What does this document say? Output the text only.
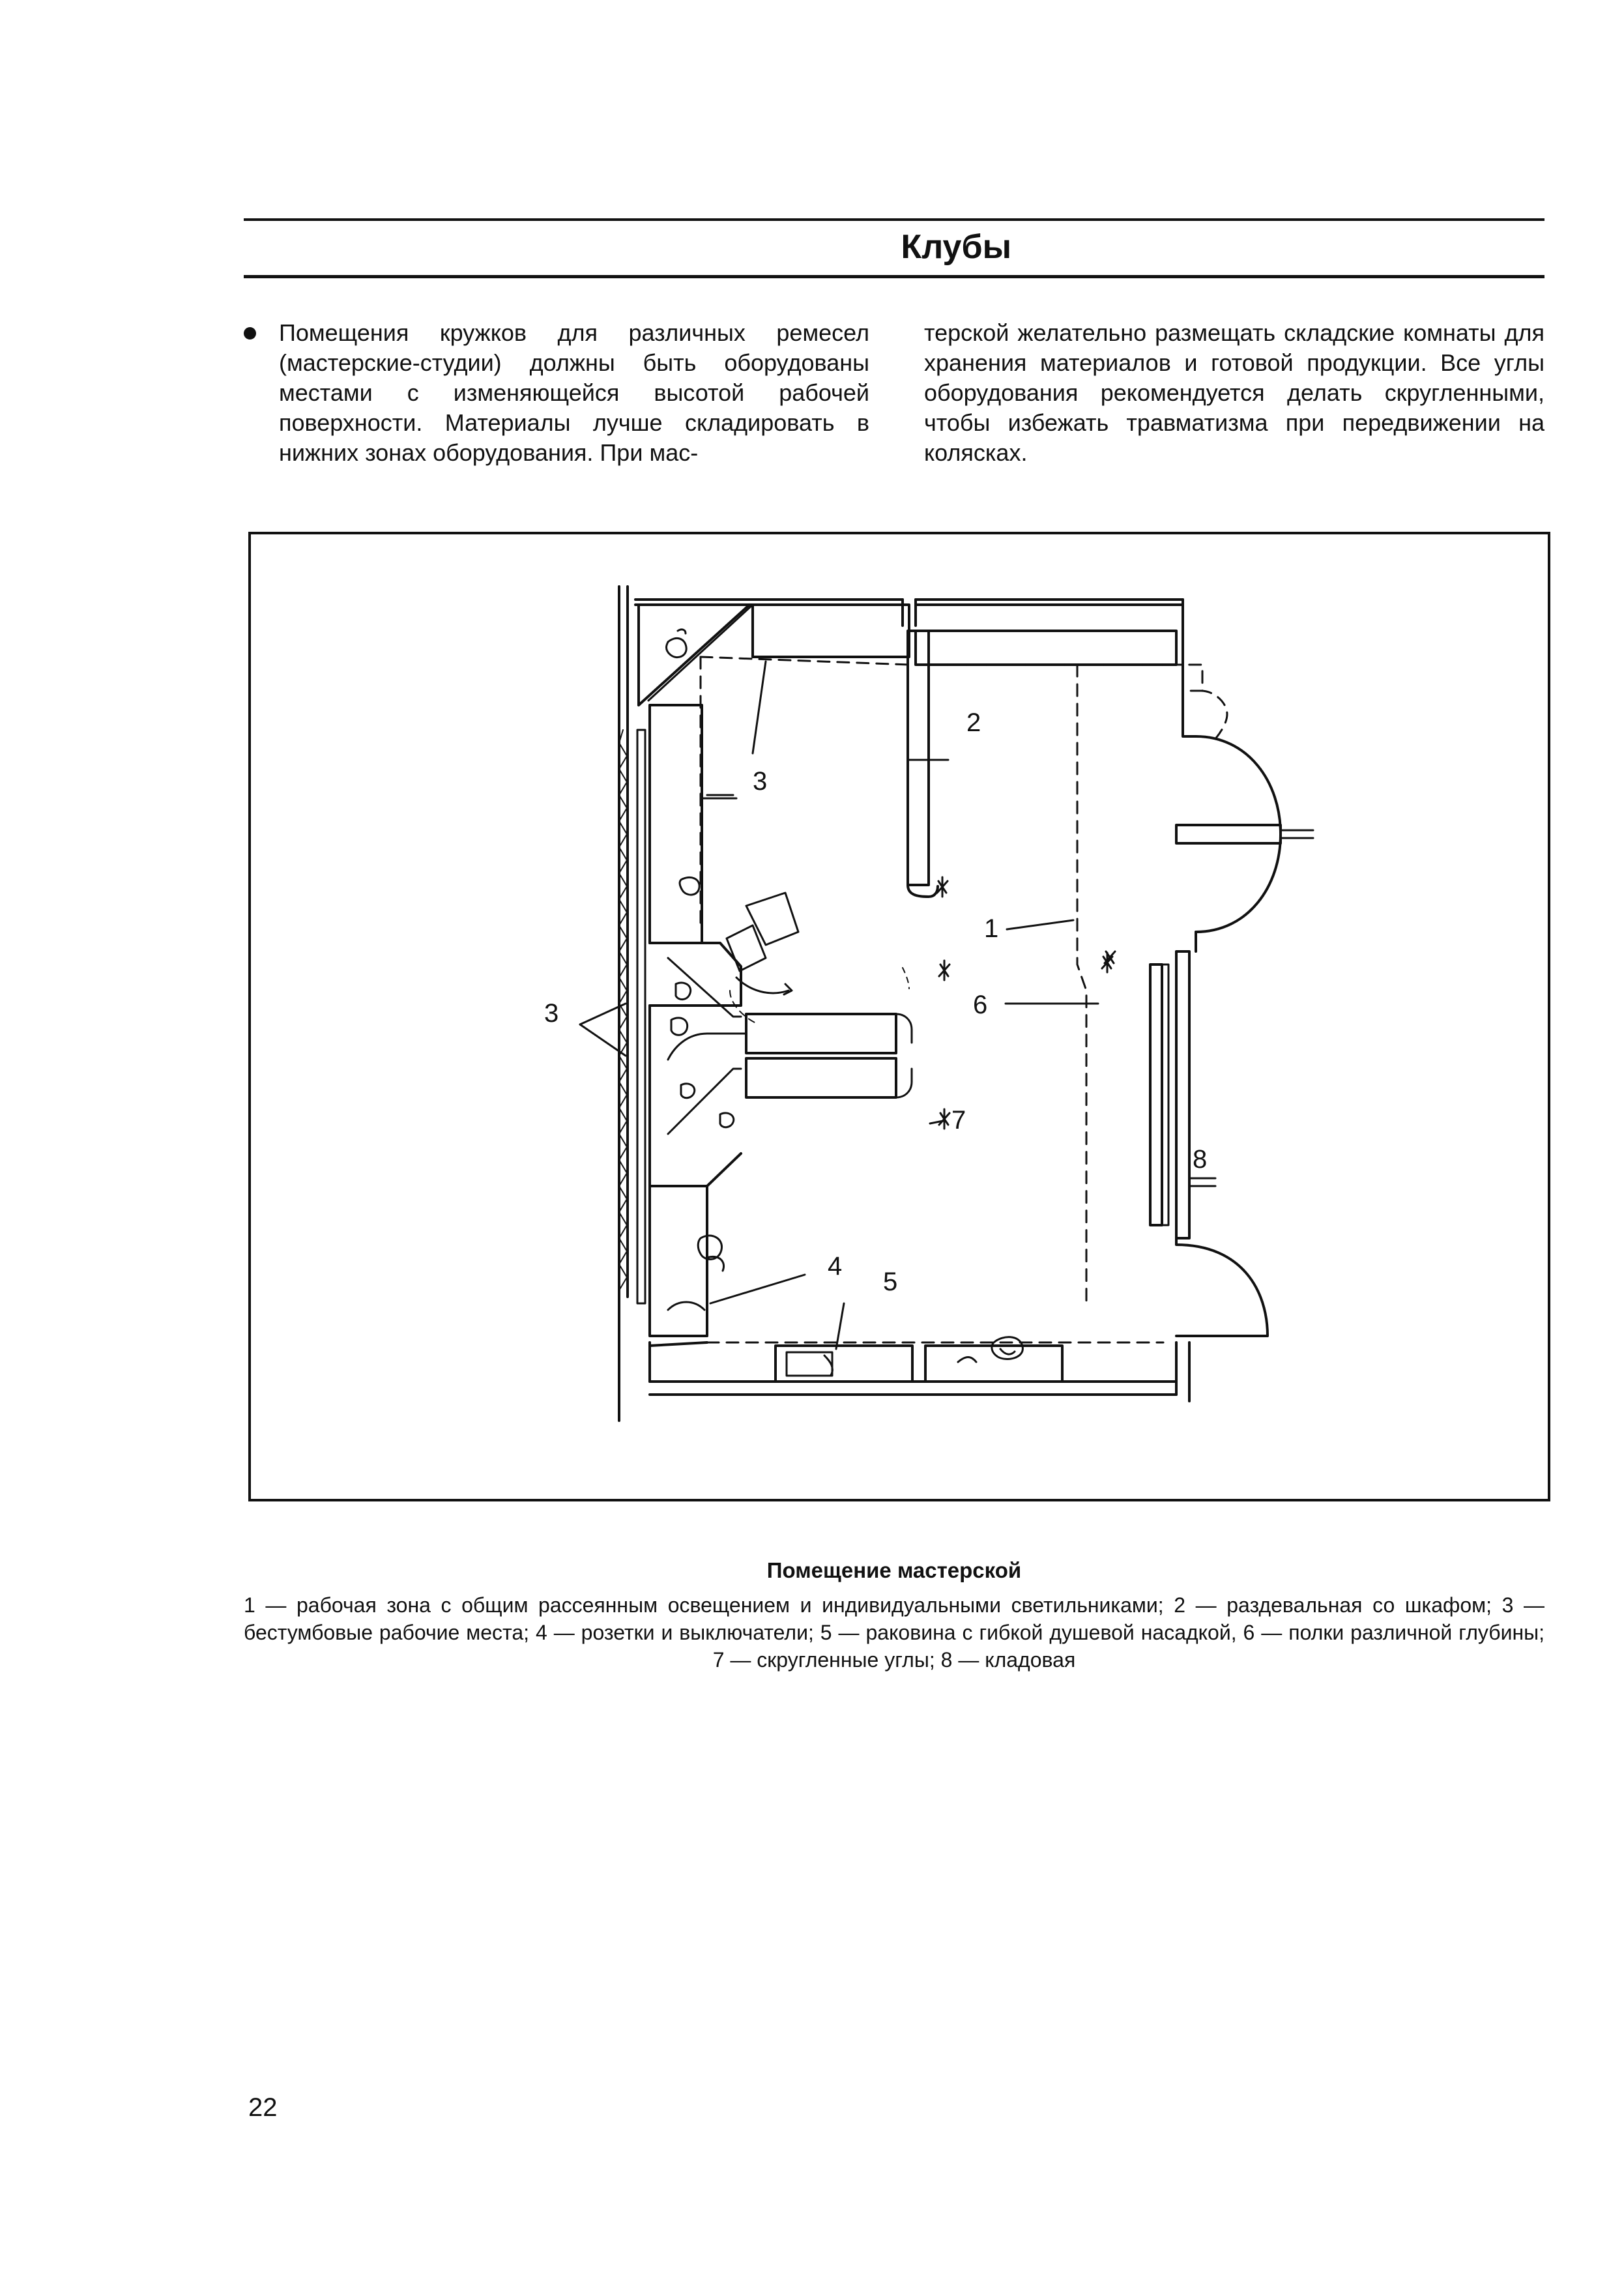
Клубы

Помещения кружков для различных ремесел (мастерские-студии) должны быть оборудованы местами с изменяющейся высотой рабочей поверхности. Материалы лучше складировать в нижних зонах оборудования. При мас-

терской желательно размещать складские комнаты для хранения материалов и готовой продукции. Все углы оборудования рекомендуется делать скругленными, чтобы избежать травматизма при передвижении на колясках.

1
2
3
3
4
5
6
7
8

Помещение мастерской

1 — рабочая зона с общим рассеянным освещением и индивидуальными светильниками; 2 — раздевальная со шкафом; 3 — бестумбовые рабочие места; 4 — розетки и выключатели; 5 — раковина с гибкой душевой насадкой, 6 — полки различной глубины; 7 — скругленные углы; 8 — кладовая

22
